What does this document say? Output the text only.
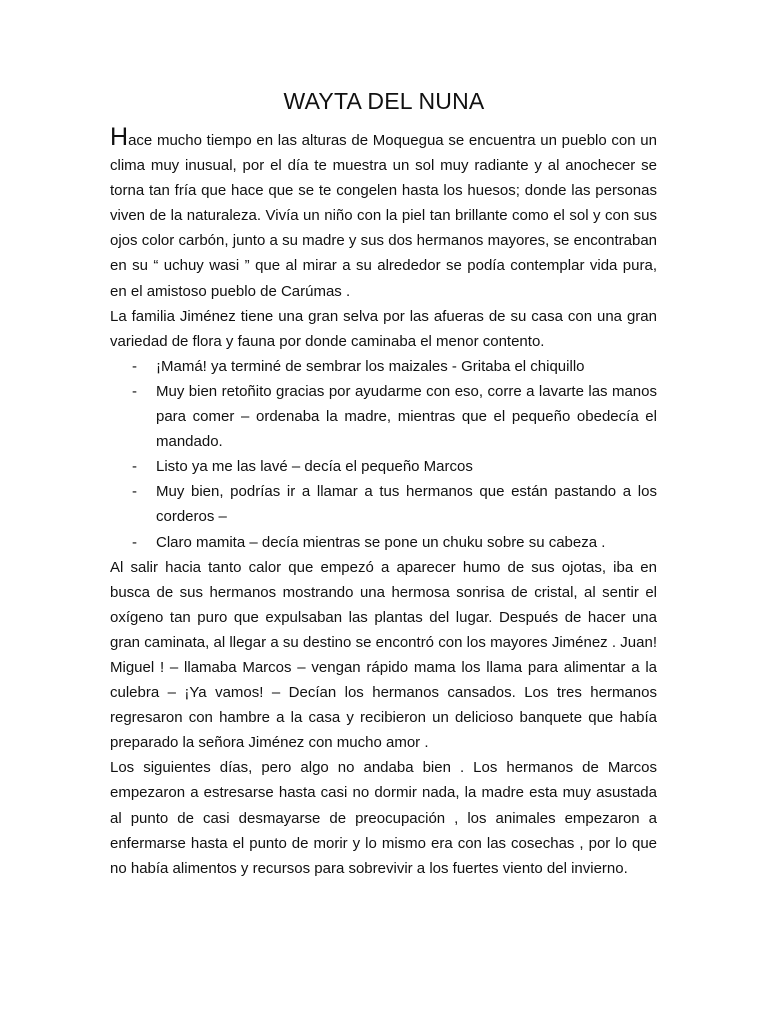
WAYTA DEL NUNA

Hace mucho tiempo en las alturas de Moquegua se encuentra un pueblo con un clima muy inusual, por el día te muestra un sol muy radiante y al anochecer se torna tan fría que hace que se te congelen hasta los huesos; donde las personas viven de la naturaleza. Vivía un niño con la piel tan brillante como el sol y con sus ojos color carbón, junto a su madre y sus dos hermanos mayores, se encontraban en su “ uchuy wasi ” que al mirar a su alrededor se podía contemplar vida pura, en el amistoso pueblo de Carúmas .

La familia Jiménez tiene una gran selva por las afueras de su casa con una gran variedad de flora y fauna por donde caminaba el menor contento.

- ¡Mamá! ya terminé de sembrar los maizales - Gritaba el chiquillo
- Muy bien retoñito gracias por ayudarme con eso, corre a lavarte las manos para comer – ordenaba la madre, mientras que el pequeño obedecía el mandado.
- Listo ya me las lavé – decía el pequeño Marcos
- Muy bien, podrías ir a llamar a tus hermanos que están pastando a los corderos –
- Claro mamita – decía mientras se pone un chuku sobre su cabeza .

Al salir hacia tanto calor que empezó a aparecer humo de sus ojotas, iba en busca de sus hermanos mostrando una hermosa sonrisa de cristal, al sentir el oxígeno tan puro que expulsaban las plantas del lugar. Después de hacer una gran caminata, al llegar a su destino se encontró con los mayores Jiménez . Juan! Miguel ! – llamaba Marcos – vengan rápido mama los llama para alimentar a la culebra – ¡Ya vamos! – Decían los hermanos cansados. Los tres hermanos regresaron con hambre a la casa y recibieron un delicioso banquete que había preparado la señora Jiménez con mucho amor .

Los siguientes días, pero algo no andaba bien . Los hermanos de Marcos empezaron a estresarse hasta casi no dormir nada, la madre esta muy asustada al punto de casi desmayarse de preocupación , los animales empezaron a enfermarse hasta el punto de morir y lo mismo era con las cosechas , por lo que no había alimentos y recursos para sobrevivir a los fuertes viento del invierno.
